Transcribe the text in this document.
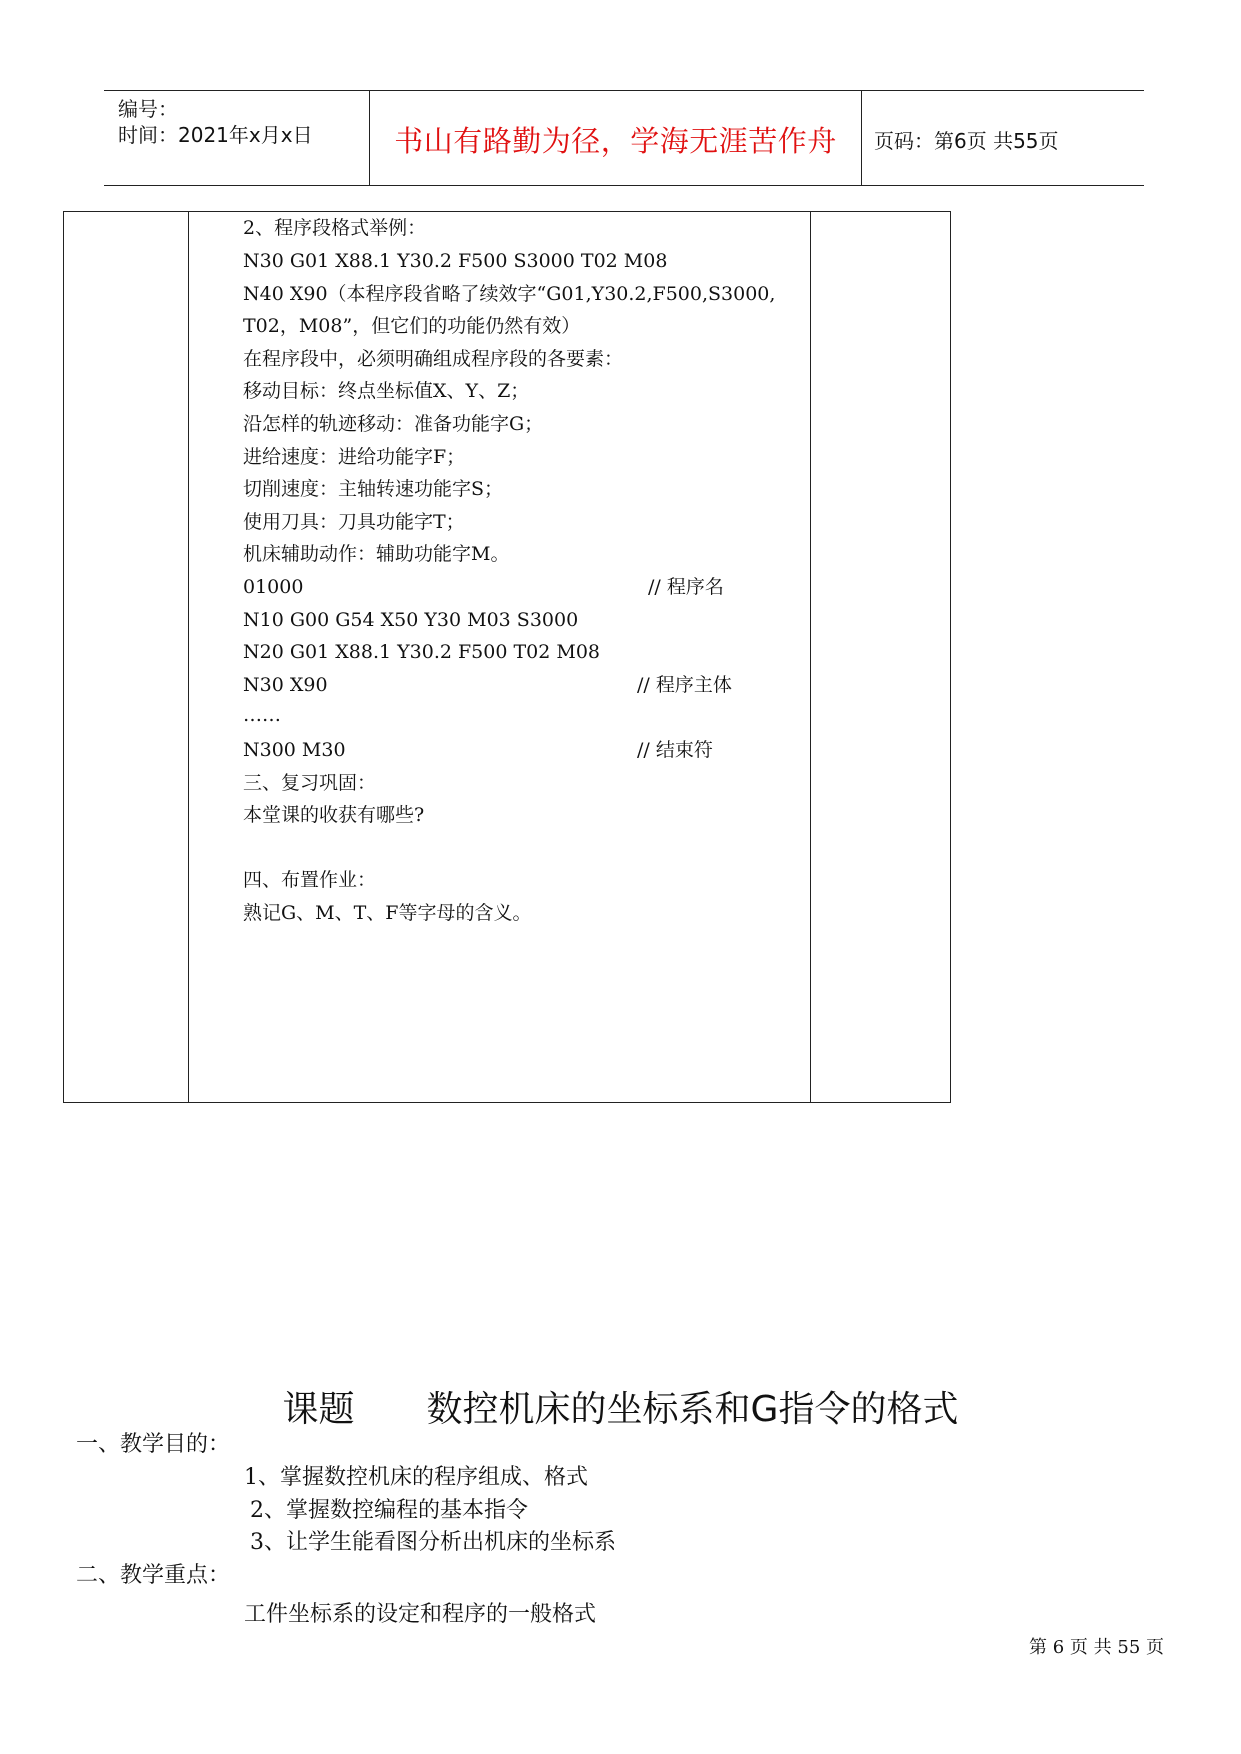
编号：
时间：2021年x月x日	书山有路勤为径，学海无涯苦作舟	页码：第6页 共55页
2、程序段格式举例：
N30 G01 X88.1 Y30.2 F500 S3000 T02 M08
N40 X90（本程序段省略了续效字“G01,Y30.2,F500,S3000,
T02，M08”，但它们的功能仍然有效）
在程序段中，必须明确组成程序段的各要素：
移动目标：终点坐标值X、Y、Z；
沿怎样的轨迹移动：准备功能字G；
进给速度：进给功能字F；
切削速度：主轴转速功能字S；
使用刀具：刀具功能字T；
机床辅助动作：辅助功能字M。
01000	// 程序名
N10 G00 G54 X50 Y30 M03 S3000
N20 G01 X88.1 Y30.2 F500 T02 M08
N30 X90	// 程序主体
……
N300 M30	// 结束符
三、复习巩固：
本堂课的收获有哪些?
四、布置作业：
熟记G、M、T、F等字母的含义。
课题 数控机床的坐标系和G指令的格式
一、教学目的：
1、掌握数控机床的程序组成、格式
2、掌握数控编程的基本指令
3、让学生能看图分析出机床的坐标系
二、教学重点：
工件坐标系的设定和程序的一般格式
第 6 页 共 55 页
